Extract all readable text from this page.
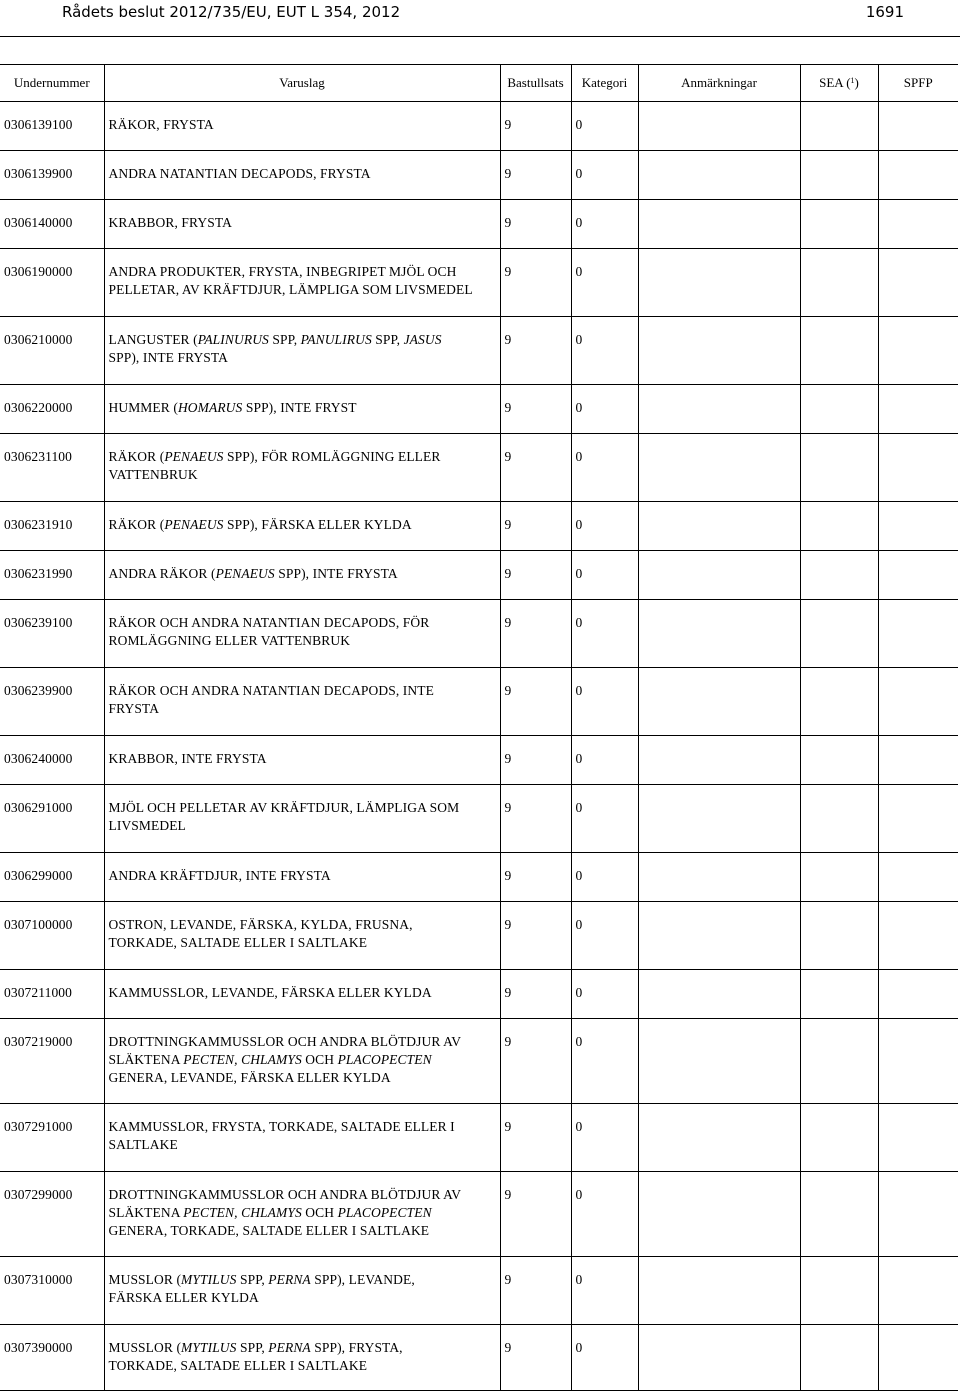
Rådets beslut 2012/735/EU, EUT L 354, 2012	1691
Undernummer	Varuslag	Bastullsats	Kategori	Anmärkningar	SEA ($^1$)	SPFP
0306139100	RÄKOR, FRYSTA	9	0			
0306139900	ANDRA NATANTIAN DECAPODS, FRYSTA	9	0			
0306140000	KRABBOR, FRYSTA	9	0			
0306190000	ANDRA PRODUKTER, FRYSTA, INBEGRIPET MJÖL OCH
PELLETAR, AV KRÄFTDJUR, LÄMPLIGA SOM LIVSMEDEL	9	0			
0306210000	LANGUSTER (PALINURUS SPP, PANULIRUS SPP, JASUS
SPP), INTE FRYSTA	9	0			
0306220000	HUMMER (HOMARUS SPP), INTE FRYST	9	0			
0306231100	RÄKOR (PENAEUS SPP), FÖR ROMLÄGGNING ELLER
VATTENBRUK	9	0			
0306231910	RÄKOR (PENAEUS SPP), FÄRSKA ELLER KYLDA	9	0			
0306231990	ANDRA RÄKOR (PENAEUS SPP), INTE FRYSTA	9	0			
0306239100	RÄKOR OCH ANDRA NATANTIAN DECAPODS, FÖR
ROMLÄGGNING ELLER VATTENBRUK	9	0			
0306239900	RÄKOR OCH ANDRA NATANTIAN DECAPODS, INTE
FRYSTA	9	0			
0306240000	KRABBOR, INTE FRYSTA	9	0			
0306291000	MJÖL OCH PELLETAR AV KRÄFTDJUR, LÄMPLIGA SOM
LIVSMEDEL	9	0			
0306299000	ANDRA KRÄFTDJUR, INTE FRYSTA	9	0			
0307100000	OSTRON, LEVANDE, FÄRSKA, KYLDA, FRUSNA,
TORKADE, SALTADE ELLER I SALTLAKE	9	0			
0307211000	KAMMUSSLOR, LEVANDE, FÄRSKA ELLER KYLDA	9	0			
0307219000	DROTTNINGKAMMUSSLOR OCH ANDRA BLÖTDJUR AV
SLÄKTENA PECTEN, CHLAMYS OCH PLACOPECTEN
GENERA, LEVANDE, FÄRSKA ELLER KYLDA	9	0			
0307291000	KAMMUSSLOR, FRYSTA, TORKADE, SALTADE ELLER I
SALTLAKE	9	0			
0307299000	DROTTNINGKAMMUSSLOR OCH ANDRA BLÖTDJUR AV
SLÄKTENA PECTEN, CHLAMYS OCH PLACOPECTEN
GENERA, TORKADE, SALTADE ELLER I SALTLAKE	9	0			
0307310000	MUSSLOR (MYTILUS SPP, PERNA SPP), LEVANDE,
FÄRSKA ELLER KYLDA	9	0			
0307390000	MUSSLOR (MYTILUS SPP, PERNA SPP), FRYSTA,
TORKADE, SALTADE ELLER I SALTLAKE	9	0			
